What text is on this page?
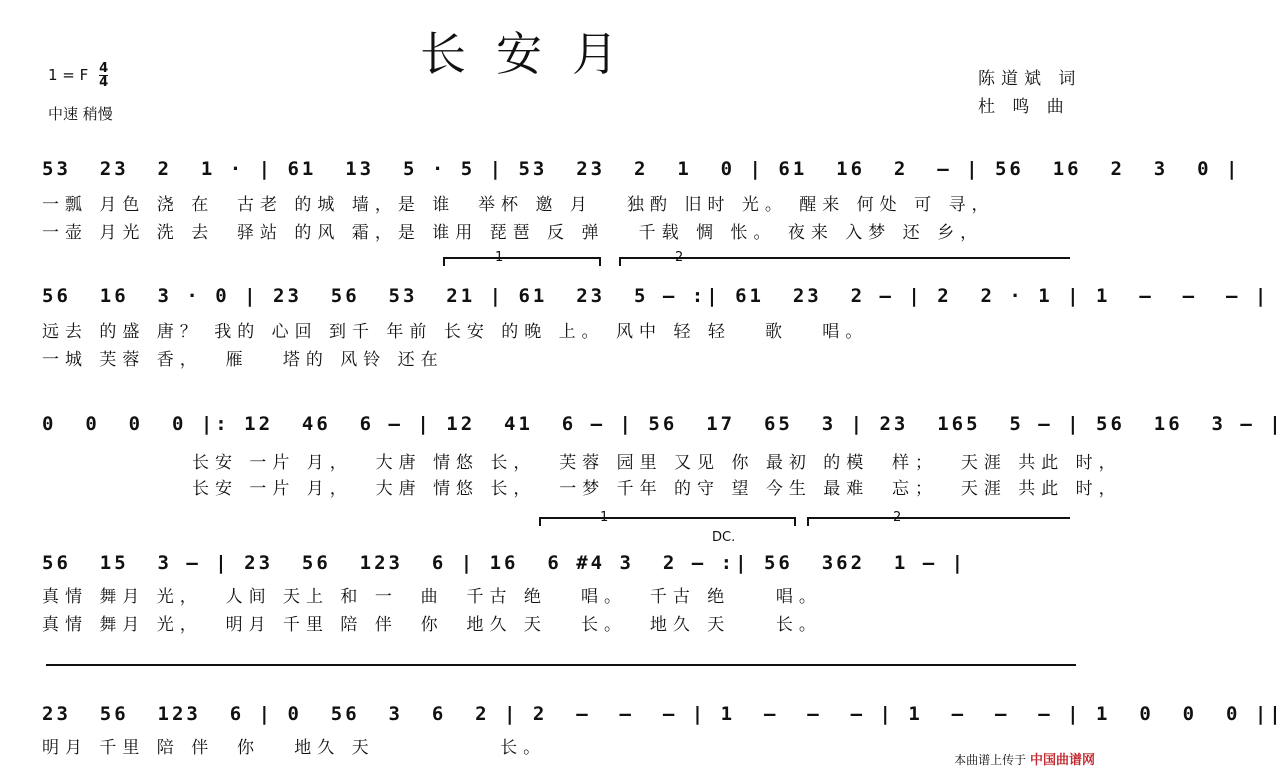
长安月
1 = F $\frac{4}{4}$
中速 稍慢
陈道斌 词
杜 鸣 曲
53  23  2  1 · | 61  13  5 · 5 | 53  23  2  1  0 | 61  16  2  – | 56  16  2  3  0 |
一瓢 月色 浇 在  古老 的城 墙，是 谁  举杯 邀 月   独酌 旧时 光。 醒来 何处 可 寻，
一壶 月光 洗 去  驿站 的风 霜，是 谁用 琵琶 反 弹   千载 惆 怅。 夜来 入梦 还 乡，
1	2
56  16  3 · 0 | 23  56  53  21 | 61  23  5 – :| 61  23  2 – | 2  2 · 1 | 1  –  –  – |
远去 的盛 唐？ 我的 心回 到千 年前 长安 的晚 上。 风中 轻 轻   歌   唱。
一城 芙蓉 香，  雁   塔的 风铃 还在
0  0  0  0 |: 12  46  6 – | 12  41  6 – | 56  17  65  3 | 23  165  5 – | 56  16  3 – |
长安 一片 月，  大唐 情悠 长，  芙蓉 园里 又见 你 最初 的模  样；  天涯 共此 时，
长安 一片 月，  大唐 情悠 长，  一梦 千年 的守 望 今生 最难  忘；  天涯 共此 时，
1	2
DC.
56  15  3 – | 23  56  123  6 | 16  6 #4 3  2 – :| 56  362  1 – |
真情 舞月 光，  人间 天上 和 一  曲  千古 绝   唱。  千古 绝    唱。
真情 舞月 光，  明月 千里 陪 伴  你  地久 天   长。  地久 天    长。
23  56  123  6 | 0  56  3  6  2 | 2  –  –  – | 1  –  –  – | 1  –  –  – | 1  0  0  0 ||
明月 千里 陪 伴  你   地久 天           长。
本曲谱上传于 中国曲谱网
